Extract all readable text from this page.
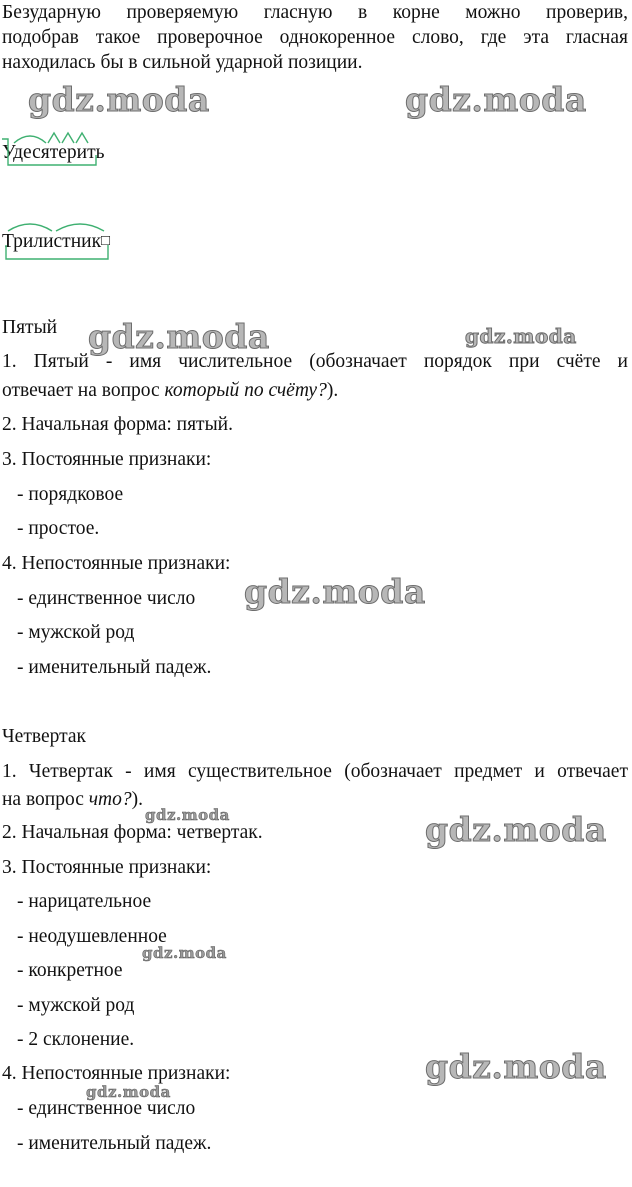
Безударную проверяемую гласную в корне можно проверив,
подобрав такое проверочное однокоренное слово, где эта гласная
находилась бы в сильной ударной позиции.
Удесятерить
Трилистник□
Пятый
1. Пятый - имя числительное (обозначает порядок при счёте и
отвечает на вопрос который по счёту?).
2. Начальная форма: пятый.
3. Постоянные признаки:
- порядковое
- простое.
4. Непостоянные признаки:
- единственное число
- мужской род
- именительный падеж.
Четвертак
1. Четвертак - имя существительное (обозначает предмет и отвечает
на вопрос что?).
2. Начальная форма: четвертак.
3. Постоянные признаки:
- нарицательное
- неодушевленное
- конкретное
- мужской род
- 2 склонение.
4. Непостоянные признаки:
- единственное число
- именительный падеж.
gdz.moda	gdz.moda
gdz.moda	gdz.moda
gdz.moda
gdz.moda	gdz.moda
gdz.moda
gdz.moda
gdz.moda
